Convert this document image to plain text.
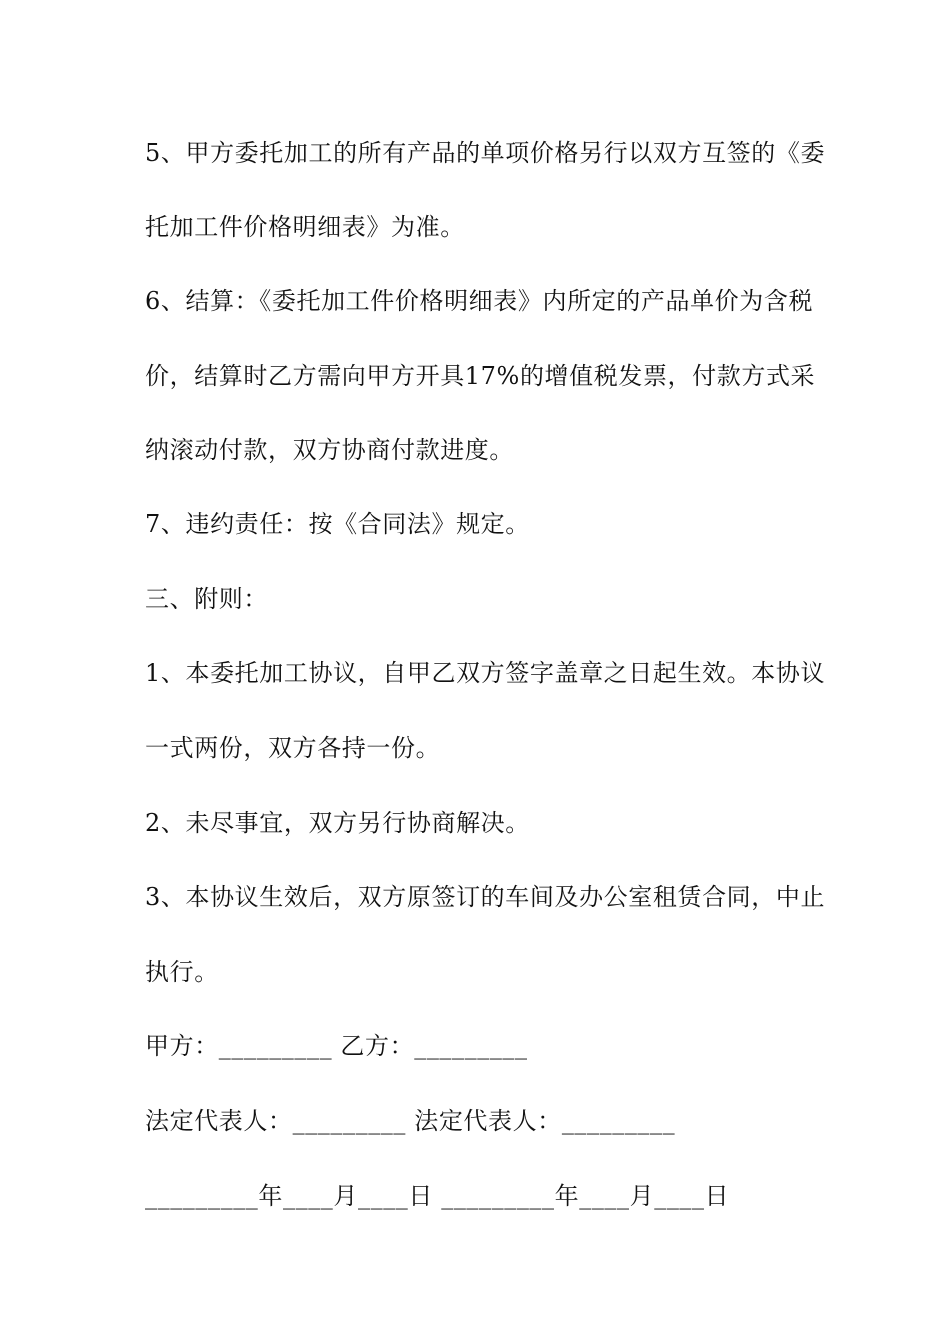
5、甲方委托加工的所有产品的单项价格另行以双方互签的《委
托加工件价格明细表》为准。
6、结算：《委托加工件价格明细表》内所定的产品单价为含税
价，结算时乙方需向甲方开具17%的增值税发票，付款方式采
纳滚动付款，双方协商付款进度。
7、违约责任：按《合同法》规定。
三、附则：
1、本委托加工协议，自甲乙双方签字盖章之日起生效。本协议
一式两份，双方各持一份。
2、未尽事宜，双方另行协商解决。
3、本协议生效后，双方原签订的车间及办公室租赁合同，中止
执行。
甲方：_________ 乙方：_________
法定代表人：_________ 法定代表人：_________
_________年____月____日 _________年____月____日
